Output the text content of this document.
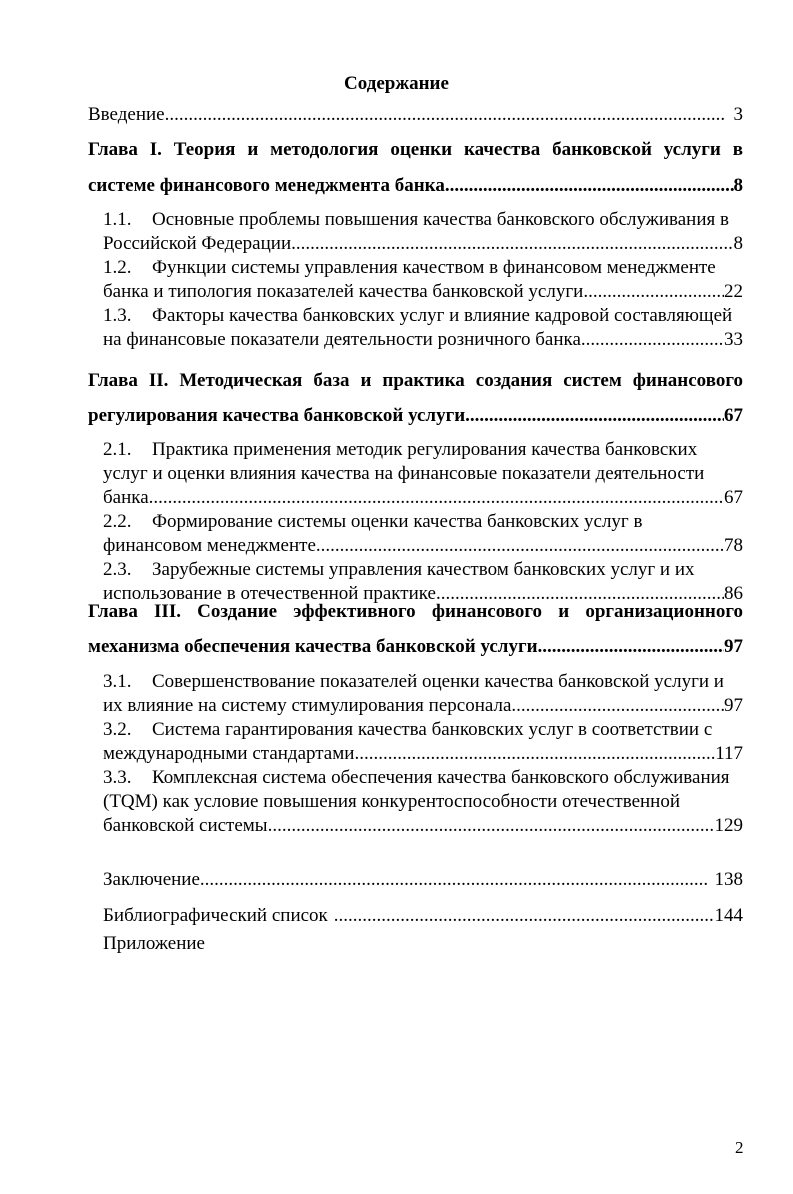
Содержание
Введение .....	3
Глава I. Теория и методология оценки качества банковской услуги в
системе финансового менеджмента банка. .....	8
1.1. Основные проблемы повышения качества банковского обслуживания в
Российской Федерации. .....	8
1.2. Функции системы управления качеством в финансовом менеджменте
банка и типология показателей качества банковской услуги .....	22
1.3. Факторы качества банковских услуг и влияние кадровой составляющей
на финансовые показатели деятельности розничного банка .....	33
Глава II. Методическая база и практика создания систем финансового
регулирования качества банковской услуги. .....	67
2.1. Практика применения методик регулирования качества банковских
услуг и оценки влияния качества на финансовые показатели деятельности
банка. .....	67
2.2. Формирование системы оценки качества банковских услуг в
финансовом менеджменте. .....	78
2.3. Зарубежные системы управления качеством банковских услуг и их
использование в отечественной практике. .....	86
Глава III. Создание эффективного финансового и организационного
механизма обеспечения качества банковской услуги .....	97
3.1. Совершенствование показателей оценки качества банковской услуги и
их влияние на систему стимулирования персонала. .....	97
3.2. Система гарантирования качества банковских услуг в соответствии с
международными стандартами .....	117
3.3. Комплексная система обеспечения качества банковского обслуживания
(TQM) как условие повышения конкурентоспособности отечественной
банковской системы. .....	129
Заключение .....	138
Библиографический список .....	144
Приложение
2
